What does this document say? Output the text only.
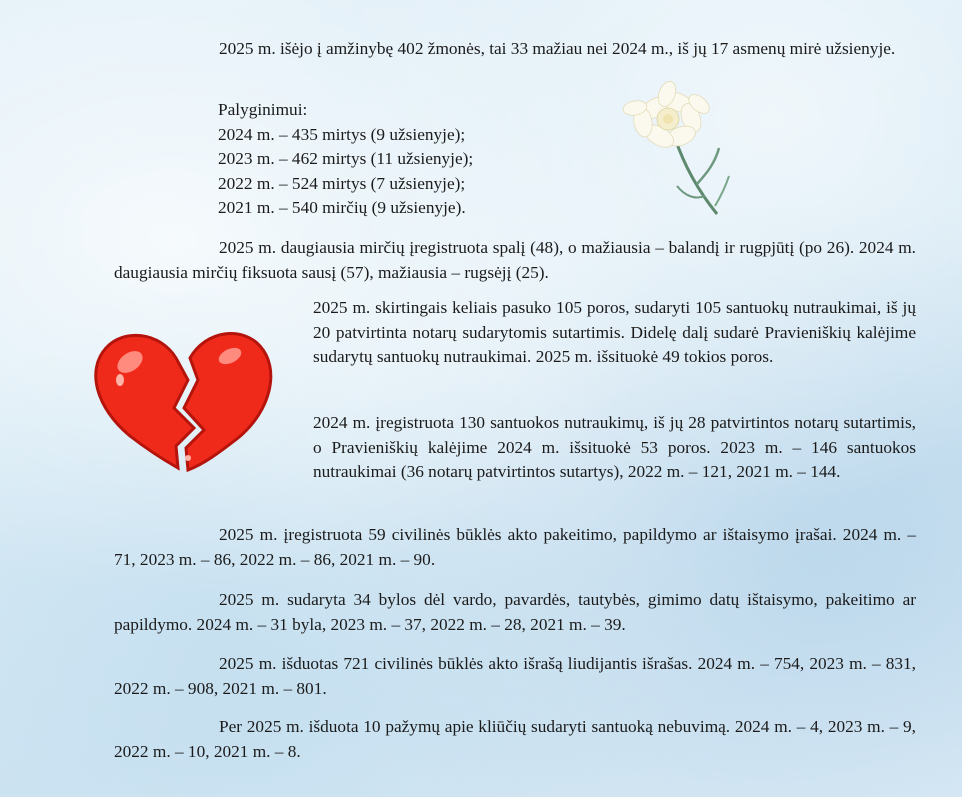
2025 m. išėjo į amžinybę 402 žmonės, tai 33 mažiau nei 2024 m., iš jų 17 asmenų mirė užsienyje.

Palyginimui:
2024 m. – 435 mirtys (9 užsienyje);
2023 m. – 462 mirtys (11 užsienyje);
2022 m. – 524 mirtys (7 užsienyje);
2021 m. – 540 mirčių (9 užsienyje).

2025 m. daugiausia mirčių įregistruota spalį (48), o mažiausia – balandį ir rugpjūtį (po 26). 2024 m. daugiausia mirčių fiksuota sausį (57), mažiausia – rugsėjį (25).

2025 m. skirtingais keliais pasuko 105 poros, sudaryti 105 santuokų nutraukimai, iš jų 20 patvirtinta notarų sudarytomis sutartimis. Didelę dalį sudarė Pravieniškių kalėjime sudarytų santuokų nutraukimai. 2025 m. išsituokė 49 tokios poros.

2024 m. įregistruota 130 santuokos nutraukimų, iš jų 28 patvirtintos notarų sutartimis, o Pravieniškių kalėjime 2024 m. išsituokė 53 poros. 2023 m. – 146 santuokos nutraukimai (36 notarų patvirtintos sutartys), 2022 m. – 121, 2021 m. – 144.

2025 m. įregistruota 59 civilinės būklės akto pakeitimo, papildymo ar ištaisymo įrašai. 2024 m. – 71, 2023 m. – 86, 2022 m. – 86, 2021 m. – 90.

2025 m. sudaryta 34 bylos dėl vardo, pavardės, tautybės, gimimo datų ištaisymo, pakeitimo ar papildymo. 2024 m. – 31 byla, 2023 m. – 37, 2022 m. – 28, 2021 m. – 39.

2025 m. išduotas 721 civilinės būklės akto išrašą liudijantis išrašas. 2024 m. – 754, 2023 m. – 831, 2022 m. – 908, 2021 m. – 801.

Per 2025 m. išduota 10 pažymų apie kliūčių sudaryti santuoką nebuvimą. 2024 m. – 4, 2023 m. – 9, 2022 m. – 10, 2021 m. – 8.
